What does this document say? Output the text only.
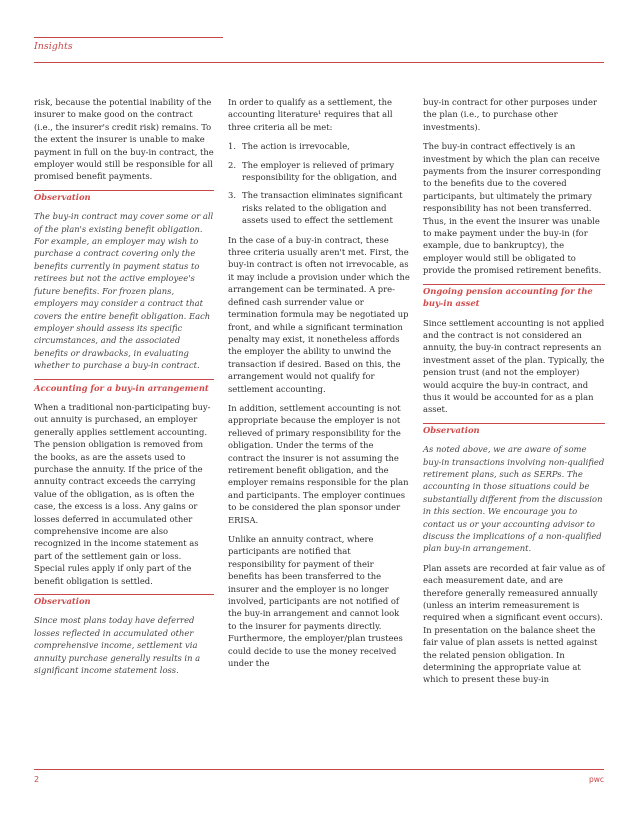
Insights

risk, because the potential inability of the insurer to make good on the contract (i.e., the insurer's credit risk) remains. To the extent the insurer is unable to make payment in full on the buy-in contract, the employer would still be responsible for all promised benefit payments.

Observation

The buy-in contract may cover some or all of the plan's existing benefit obligation. For example, an employer may wish to purchase a contract covering only the benefits currently in payment status to retirees but not the active employee's future benefits. For frozen plans, employers may consider a contract that covers the entire benefit obligation. Each employer should assess its specific circumstances, and the associated benefits or drawbacks, in evaluating whether to purchase a buy-in contract.

Accounting for a buy-in arrangement

When a traditional non-participating buy-out annuity is purchased, an employer generally applies settlement accounting. The pension obligation is removed from the books, as are the assets used to purchase the annuity. If the price of the annuity contract exceeds the carrying value of the obligation, as is often the case, the excess is a loss. Any gains or losses deferred in accumulated other comprehensive income are also recognized in the income statement as part of the settlement gain or loss. Special rules apply if only part of the benefit obligation is settled.

Observation

Since most plans today have deferred losses reflected in accumulated other comprehensive income, settlement via annuity purchase generally results in a significant income statement loss.

In order to qualify as a settlement, the accounting literature¹ requires that all three criteria all be met:

1. The action is irrevocable,
2. The employer is relieved of primary responsibility for the obligation, and
3. The transaction eliminates significant risks related to the obligation and assets used to effect the settlement

In the case of a buy-in contract, these three criteria usually aren't met. First, the buy-in contract is often not irrevocable, as it may include a provision under which the arrangement can be terminated. A pre-defined cash surrender value or termination formula may be negotiated up front, and while a significant termination penalty may exist, it nonetheless affords the employer the ability to unwind the transaction if desired. Based on this, the arrangement would not qualify for settlement accounting.

In addition, settlement accounting is not appropriate because the employer is not relieved of primary responsibility for the obligation. Under the terms of the contract the insurer is not assuming the retirement benefit obligation, and the employer remains responsible for the plan and participants. The employer continues to be considered the plan sponsor under ERISA.

Unlike an annuity contract, where participants are notified that responsibility for payment of their benefits has been transferred to the insurer and the employer is no longer involved, participants are not notified of the buy-in arrangement and cannot look to the insurer for payments directly. Furthermore, the employer/plan trustees could decide to use the money received under the

buy-in contract for other purposes under the plan (i.e., to purchase other investments).

The buy-in contract effectively is an investment by which the plan can receive payments from the insurer corresponding to the benefits due to the covered participants, but ultimately the primary responsibility has not been transferred. Thus, in the event the insurer was unable to make payment under the buy-in (for example, due to bankruptcy), the employer would still be obligated to provide the promised retirement benefits.

Ongoing pension accounting for the buy-in asset

Since settlement accounting is not applied and the contract is not considered an annuity, the buy-in contract represents an investment asset of the plan. Typically, the pension trust (and not the employer) would acquire the buy-in contract, and thus it would be accounted for as a plan asset.

Observation

As noted above, we are aware of some buy-in transactions involving non-qualified retirement plans, such as SERPs. The accounting in those situations could be substantially different from the discussion in this section. We encourage you to contact us or your accounting advisor to discuss the implications of a non-qualified plan buy-in arrangement.

Plan assets are recorded at fair value as of each measurement date, and are therefore generally remeasured annually (unless an interim remeasurement is required when a significant event occurs). In presentation on the balance sheet the fair value of plan assets is netted against the related pension obligation. In determining the appropriate value at which to present these buy-in

2	pwc
